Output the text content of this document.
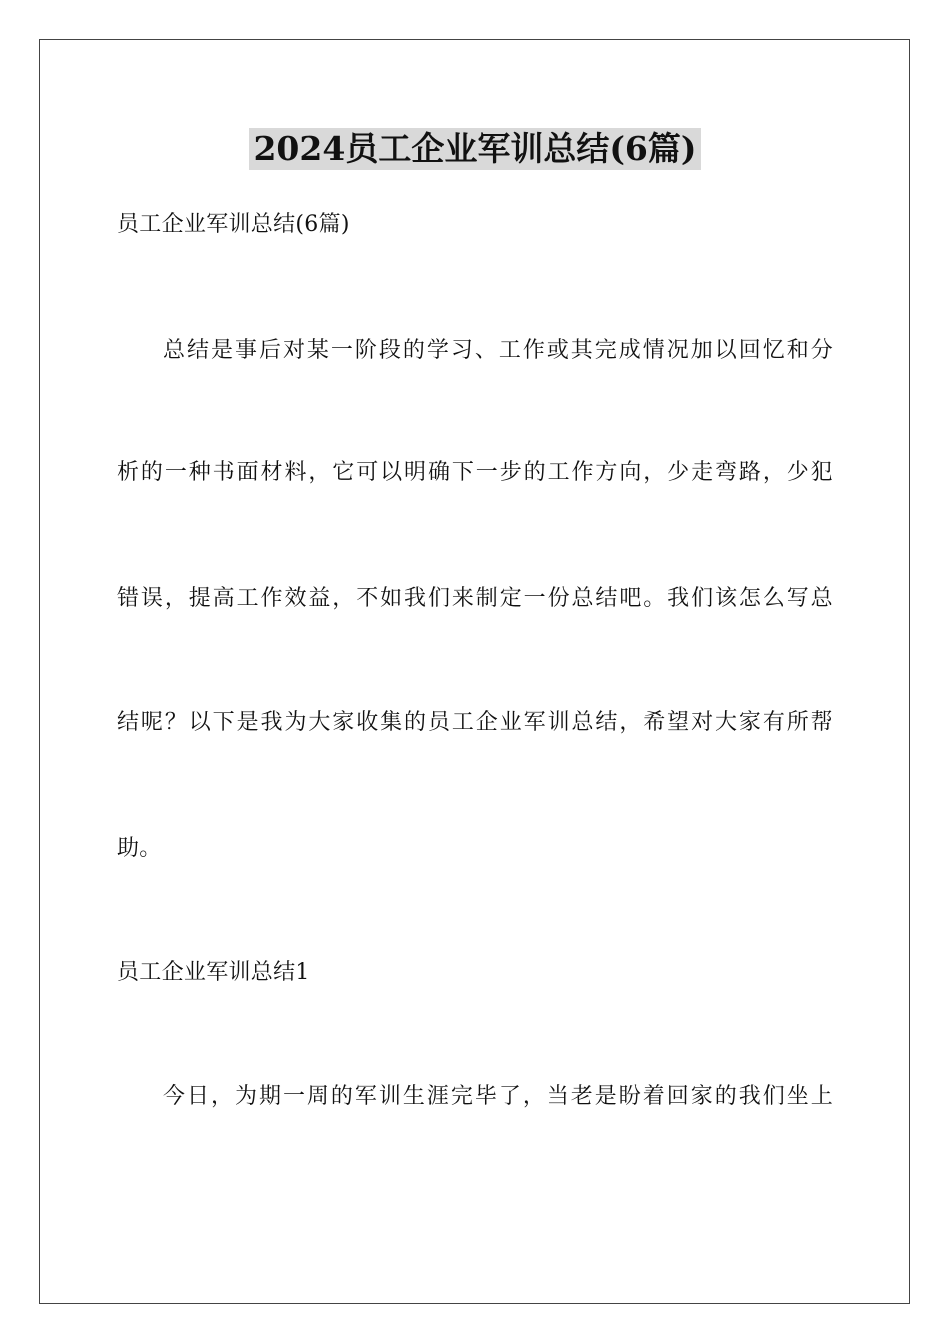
2024员工企业军训总结(6篇)
员工企业军训总结(6篇)
总结是事后对某一阶段的学习、工作或其完成情况加以回忆和分
析的一种书面材料，它可以明确下一步的工作方向，少走弯路，少犯
错误，提高工作效益，不如我们来制定一份总结吧。我们该怎么写总
结呢？以下是我为大家收集的员工企业军训总结，希望对大家有所帮
助。
员工企业军训总结1
今日，为期一周的军训生涯完毕了，当老是盼着回家的我们坐上
